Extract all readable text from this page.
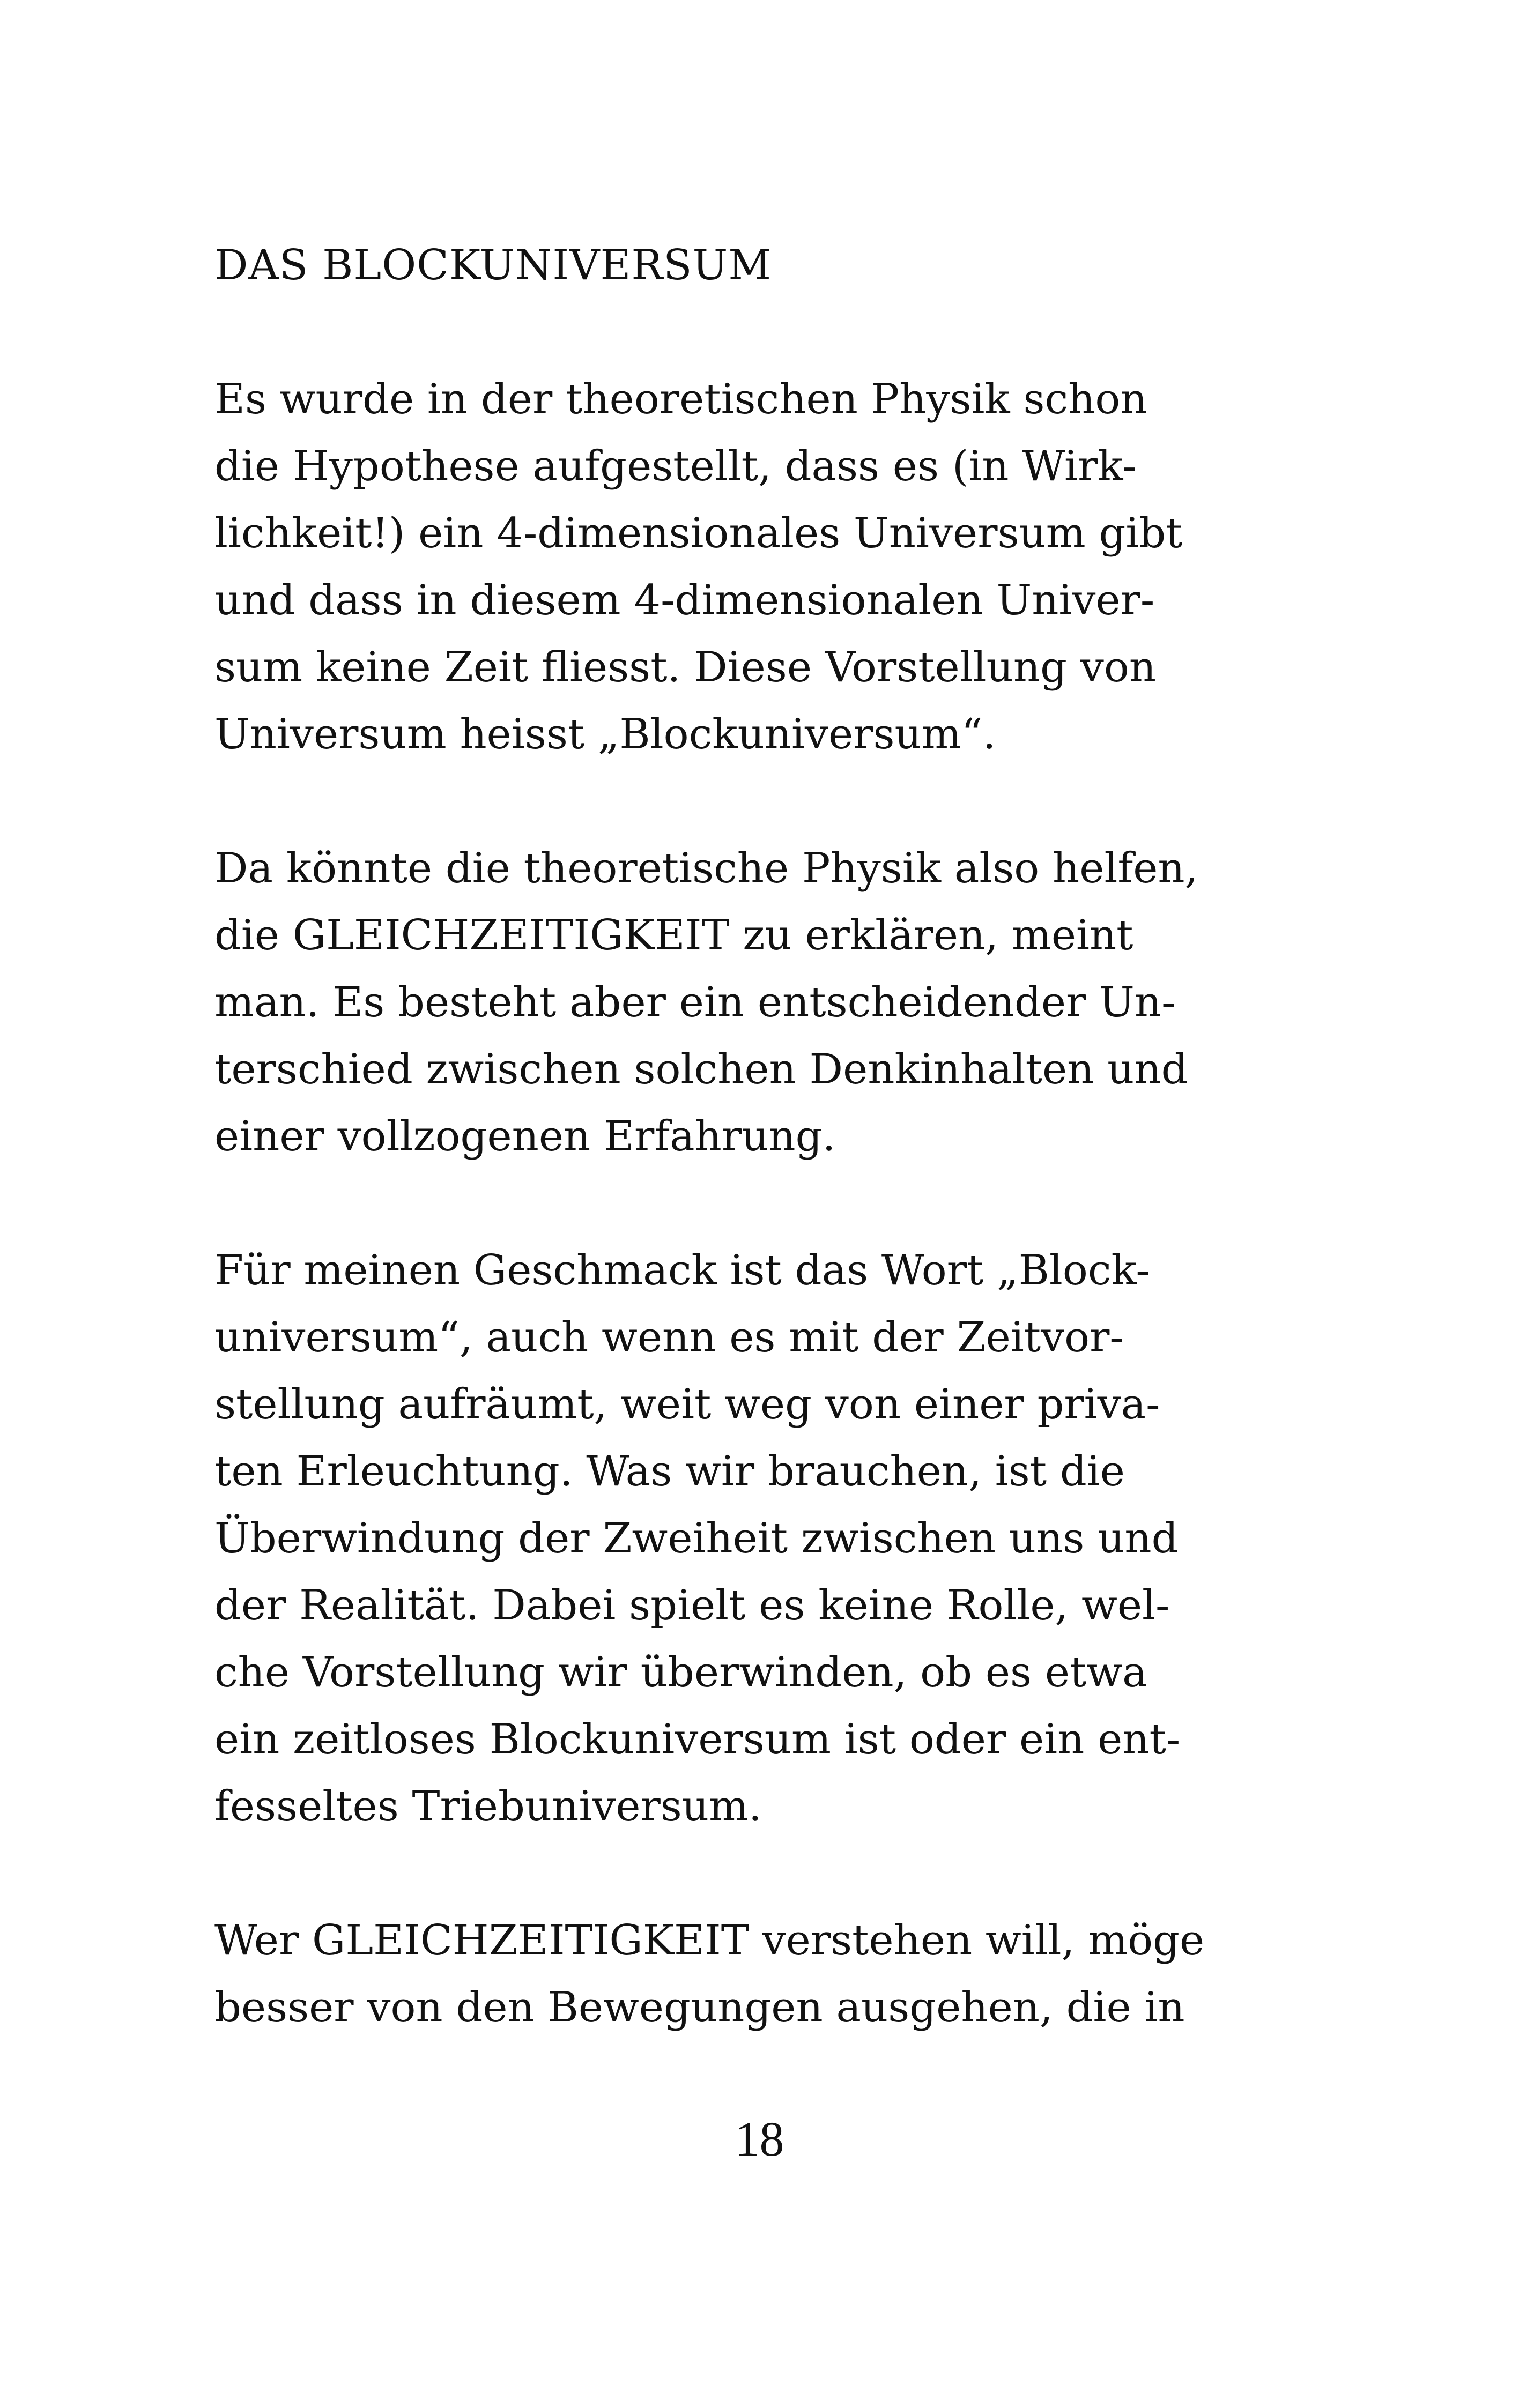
DAS BLOCKUNIVERSUM
Es wurde in der theoretischen Physik schon
die Hypothese aufgestellt, dass es (in Wirk-
lichkeit!) ein 4-dimensionales Universum gibt
und dass in diesem 4-dimensionalen Univer-
sum keine Zeit fliesst. Diese Vorstellung von
Universum heisst „Blockuniversum“.
Da könnte die theoretische Physik also helfen,
die GLEICHZEITIGKEIT zu erklären, meint
man. Es besteht aber ein entscheidender Un-
terschied zwischen solchen Denkinhalten und
einer vollzogenen Erfahrung.
Für meinen Geschmack ist das Wort „Block-
universum“, auch wenn es mit der Zeitvor-
stellung aufräumt, weit weg von einer priva-
ten Erleuchtung. Was wir brauchen, ist die
Überwindung der Zweiheit zwischen uns und
der Realität. Dabei spielt es keine Rolle, wel-
che Vorstellung wir überwinden, ob es etwa
ein zeitloses Blockuniversum ist oder ein ent-
fesseltes Triebuniversum.
Wer GLEICHZEITIGKEIT verstehen will, möge
besser von den Bewegungen ausgehen, die in
18
